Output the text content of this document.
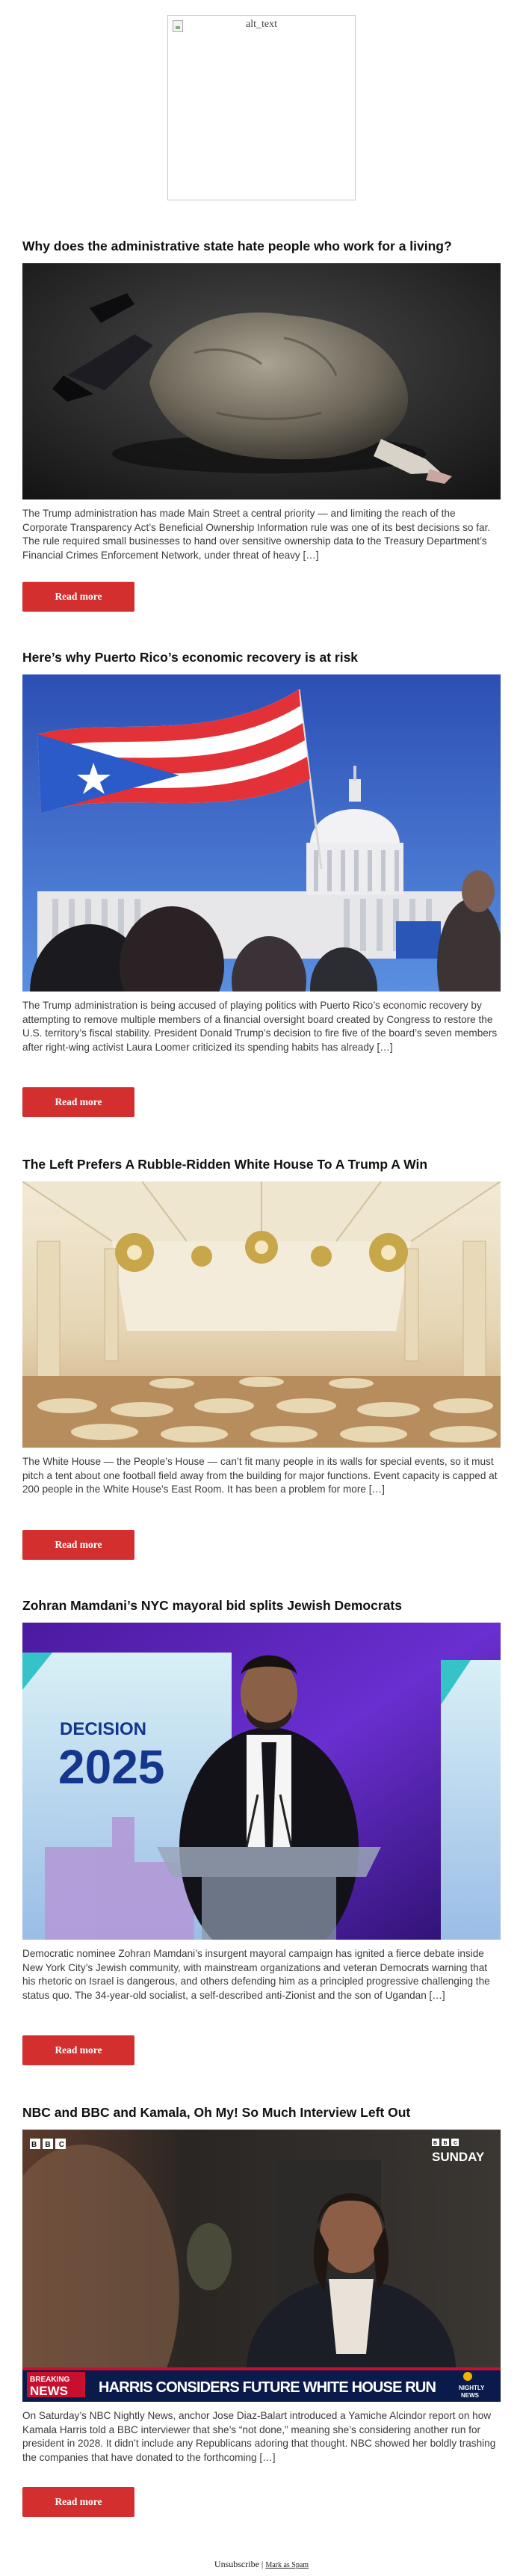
alt_text
Why does the administrative state hate people who work for a living?

The Trump administration has made Main Street a central priority — and limiting the reach of the Corporate Transparency Act’s Beneficial Ownership Information rule was one of its best decisions so far. The rule required small businesses to hand over sensitive ownership data to the Treasury Department’s Financial Crimes Enforcement Network, under threat of heavy […]

Read more
Here’s why Puerto Rico’s economic recovery is at risk

The Trump administration is being accused of playing politics with Puerto Rico’s economic recovery by attempting to remove multiple members of a financial oversight board created by Congress to restore the U.S. territory’s fiscal stability. President Donald Trump’s decision to fire five of the board’s seven members after right-wing activist Laura Loomer criticized its spending habits has already […]

Read more
The Left Prefers A Rubble-Ridden White House To A Trump A Win

The White House — the People’s House — can’t fit many people in its walls for special events, so it must pitch a tent about one football field away from the building for major functions. Event capacity is capped at 200 people in the White House’s East Room. It has been a problem for more […]

Read more
Zohran Mamdani’s NYC mayoral bid splits Jewish Democrats
DECISION
2025

Democratic nominee Zohran Mamdani’s insurgent mayoral campaign has ignited a fierce debate inside New York City’s Jewish community, with mainstream organizations and veteran Democrats warning that his rhetoric on Israel is dangerous, and others defending him as a principled progressive challenging the status quo. The 34-year-old socialist, a self-described anti-Zionist and the son of Ugandan […]

Read more
NBC and BBC and Kamala, Oh My! So Much Interview Left Out
BBC	BBC
SUNDAY
BREAKING
NEWS HARRIS CONSIDERS FUTURE WHITE HOUSE RUN	NIGHTLY
NEWS

On Saturday’s NBC Nightly News, anchor Jose Diaz-Balart introduced a Yamiche Alcindor report on how Kamala Harris told a BBC interviewer that she’s “not done,” meaning she’s considering another run for president in 2028. It didn’t include any Republicans adoring that thought. NBC showed her boldly trashing the companies that have donated to the forthcoming […]

Read more
Unsubscribe | Mark as Spam
